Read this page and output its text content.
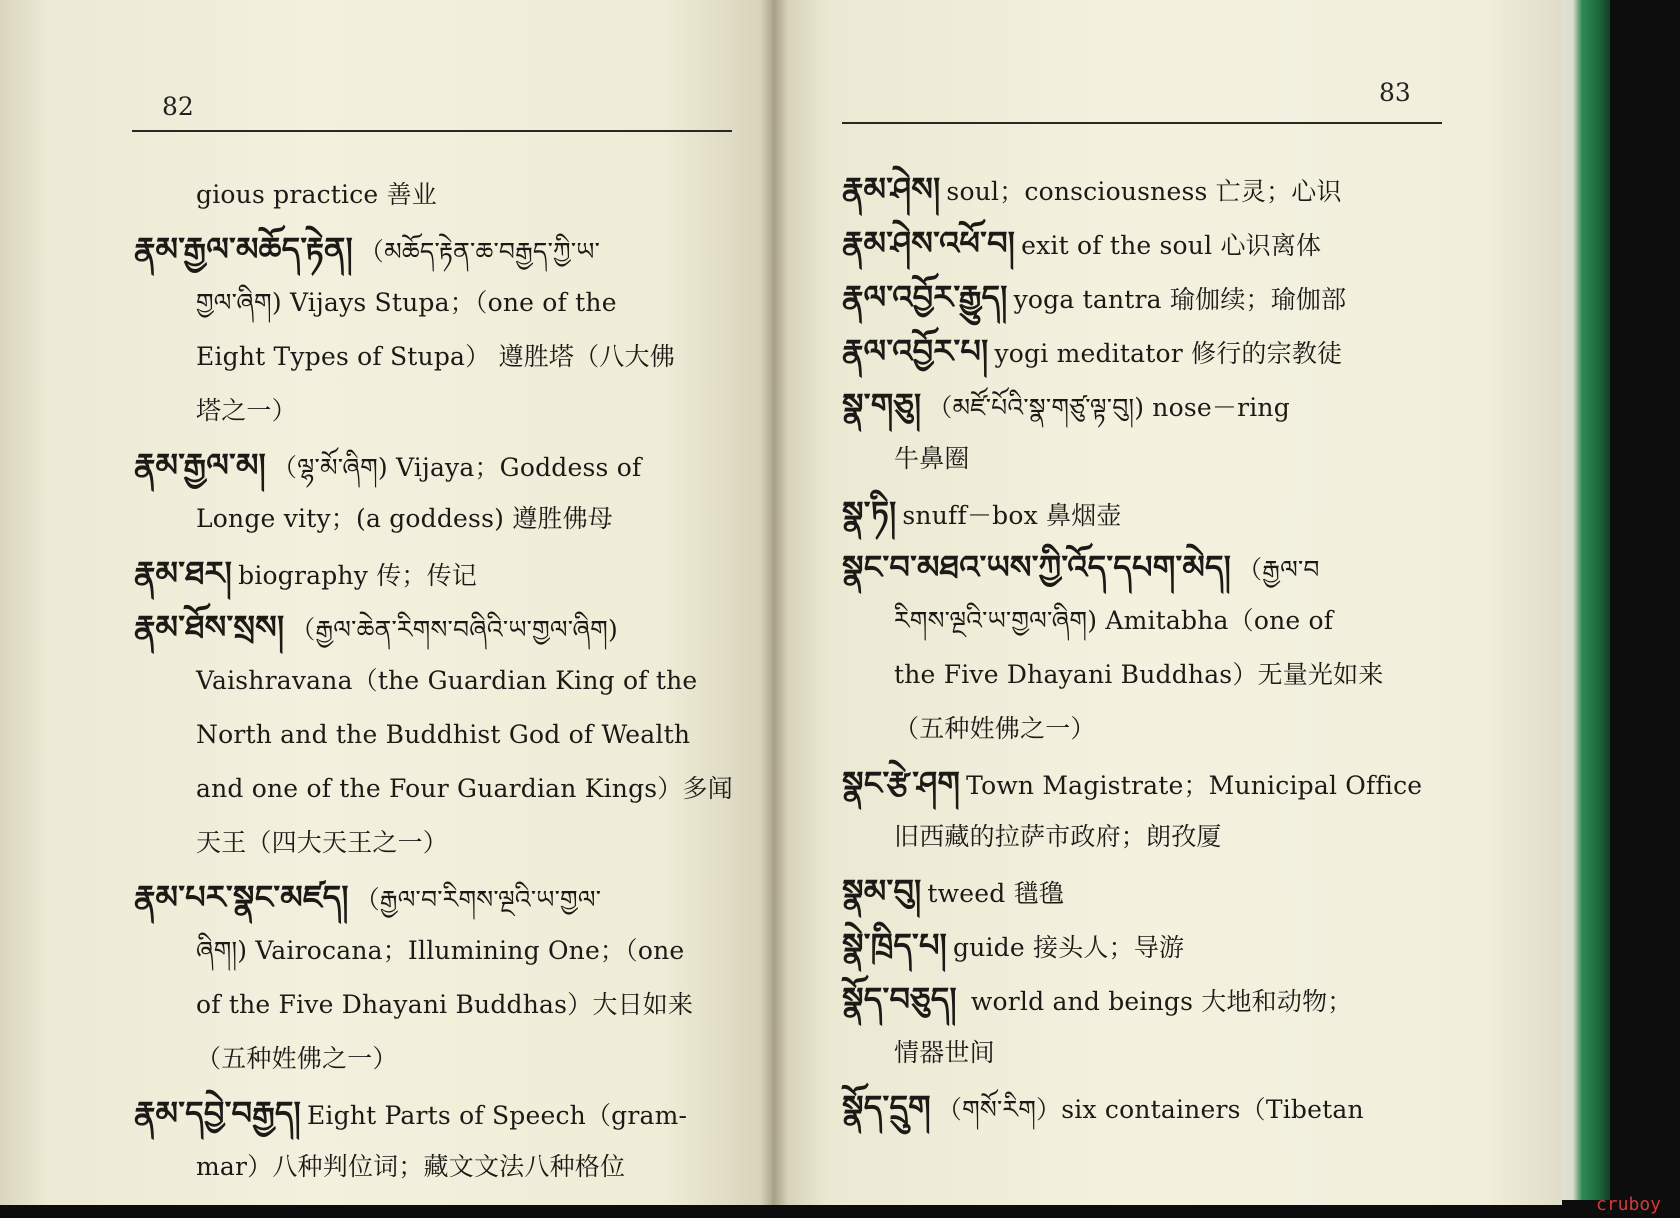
82
gious practice 善业
རྣམ་རྒྱལ་མཆོད་རྟེན། （མཆོད་རྟེན་ཆ་བརྒྱད་ཀྱི་ཡ་
གྱལ་ཞིག) Vijays Stupa；（one of the
Eight Types of Stupa） 遵胜塔（八大佛
塔之一）
རྣམ་རྒྱལ་མ། （ལྷ་མོ་ཞིག) Vijaya；Goddess of
Longe vity；(a goddess) 遵胜佛母
རྣམ་ཐར། biography 传；传记
རྣམ་ཐོས་སྲས། （རྒྱལ་ཆེན་རིགས་བཞིའི་ཡ་གྱལ་ཞིག)
Vaishravana（the Guardian King of the
North and the Buddhist God of Wealth
and one of the Four Guardian Kings）多闻
天王（四大天王之一）
རྣམ་པར་སྣང་མཛད། （རྒྱལ་བ་རིགས་ལྔའི་ཡ་གྱལ་
ཞིག།) Vairocana；Illumining One；（one
of the Five Dhayani Buddhas）大日如来
（五种姓佛之一）
རྣམ་དབྱེ་བརྒྱད། Eight Parts of Speech（gram-
mar）八种判位词；藏文文法八种格位
83
རྣམ་ཤེས། soul；consciousness 亡灵；心识
རྣམ་ཤེས་འཕོ་བ། exit of the soul 心识离体
རྣལ་འབྱོར་རྒྱུད། yoga tantra 瑜伽续；瑜伽部
རྣལ་འབྱོར་པ། yogi meditator 修行的宗教徒
སྣ་གཅུ། （མཛོ་པོའི་སྣ་གཙུ་ལྟ་བུ།) nose－ring
牛鼻圈
སྣ་ཏི། snuff－box 鼻烟壶
སྣང་བ་མཐའ་ཡས་ཀྱི་འོད་དཔག་མེད། （རྒྱལ་བ
རིགས་ལྔའི་ཡ་གྱལ་ཞིག) Amitabha（one of
the Five Dhayani Buddhas）无量光如来
（五种姓佛之一）
སྣང་རྩེ་ཤག Town Magistrate；Municipal Office
旧西藏的拉萨市政府；朗孜厦
སྣམ་བུ། tweed 氆氇
སྣེ་ཁྲིད་པ། guide 接头人；导游
སྣོད་བཅུད། world and beings 大地和动物；
情器世间
སྣོད་དྲུག （གསོ་རིག）six containers（Tibetan
cruboy
